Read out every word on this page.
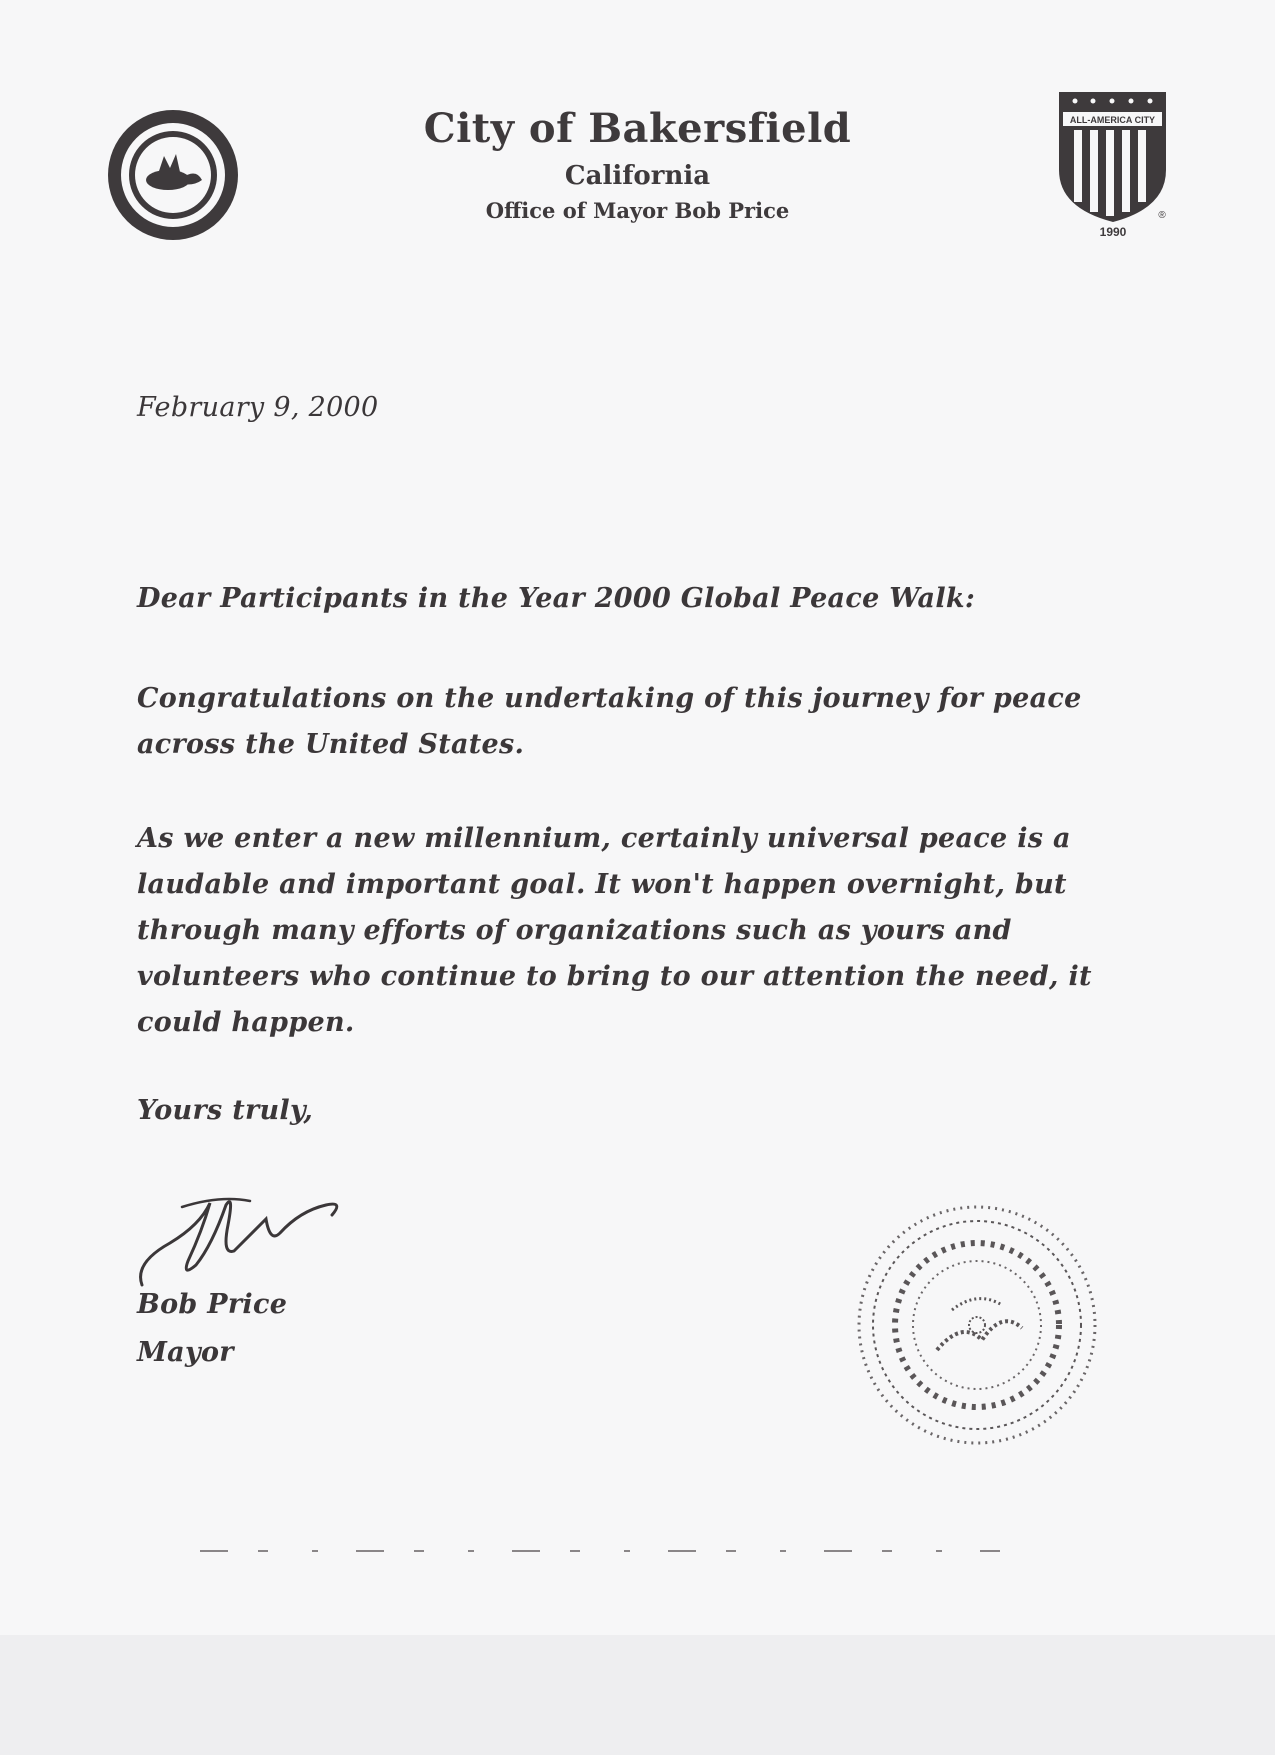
City of Bakersfield
California
Office of Mayor Bob Price
ALL-AMERICA CITY
1990
®
February 9, 2000
Dear Participants in the Year 2000 Global Peace Walk:

Congratulations on the undertaking of this journey for peace across the United States.

As we enter a new millennium, certainly universal peace is a laudable and important goal. It won't happen overnight, but through many efforts of organizations such as yours and volunteers who continue to bring to our attention the need, it could happen.

Yours truly,
Bob Price
Mayor
